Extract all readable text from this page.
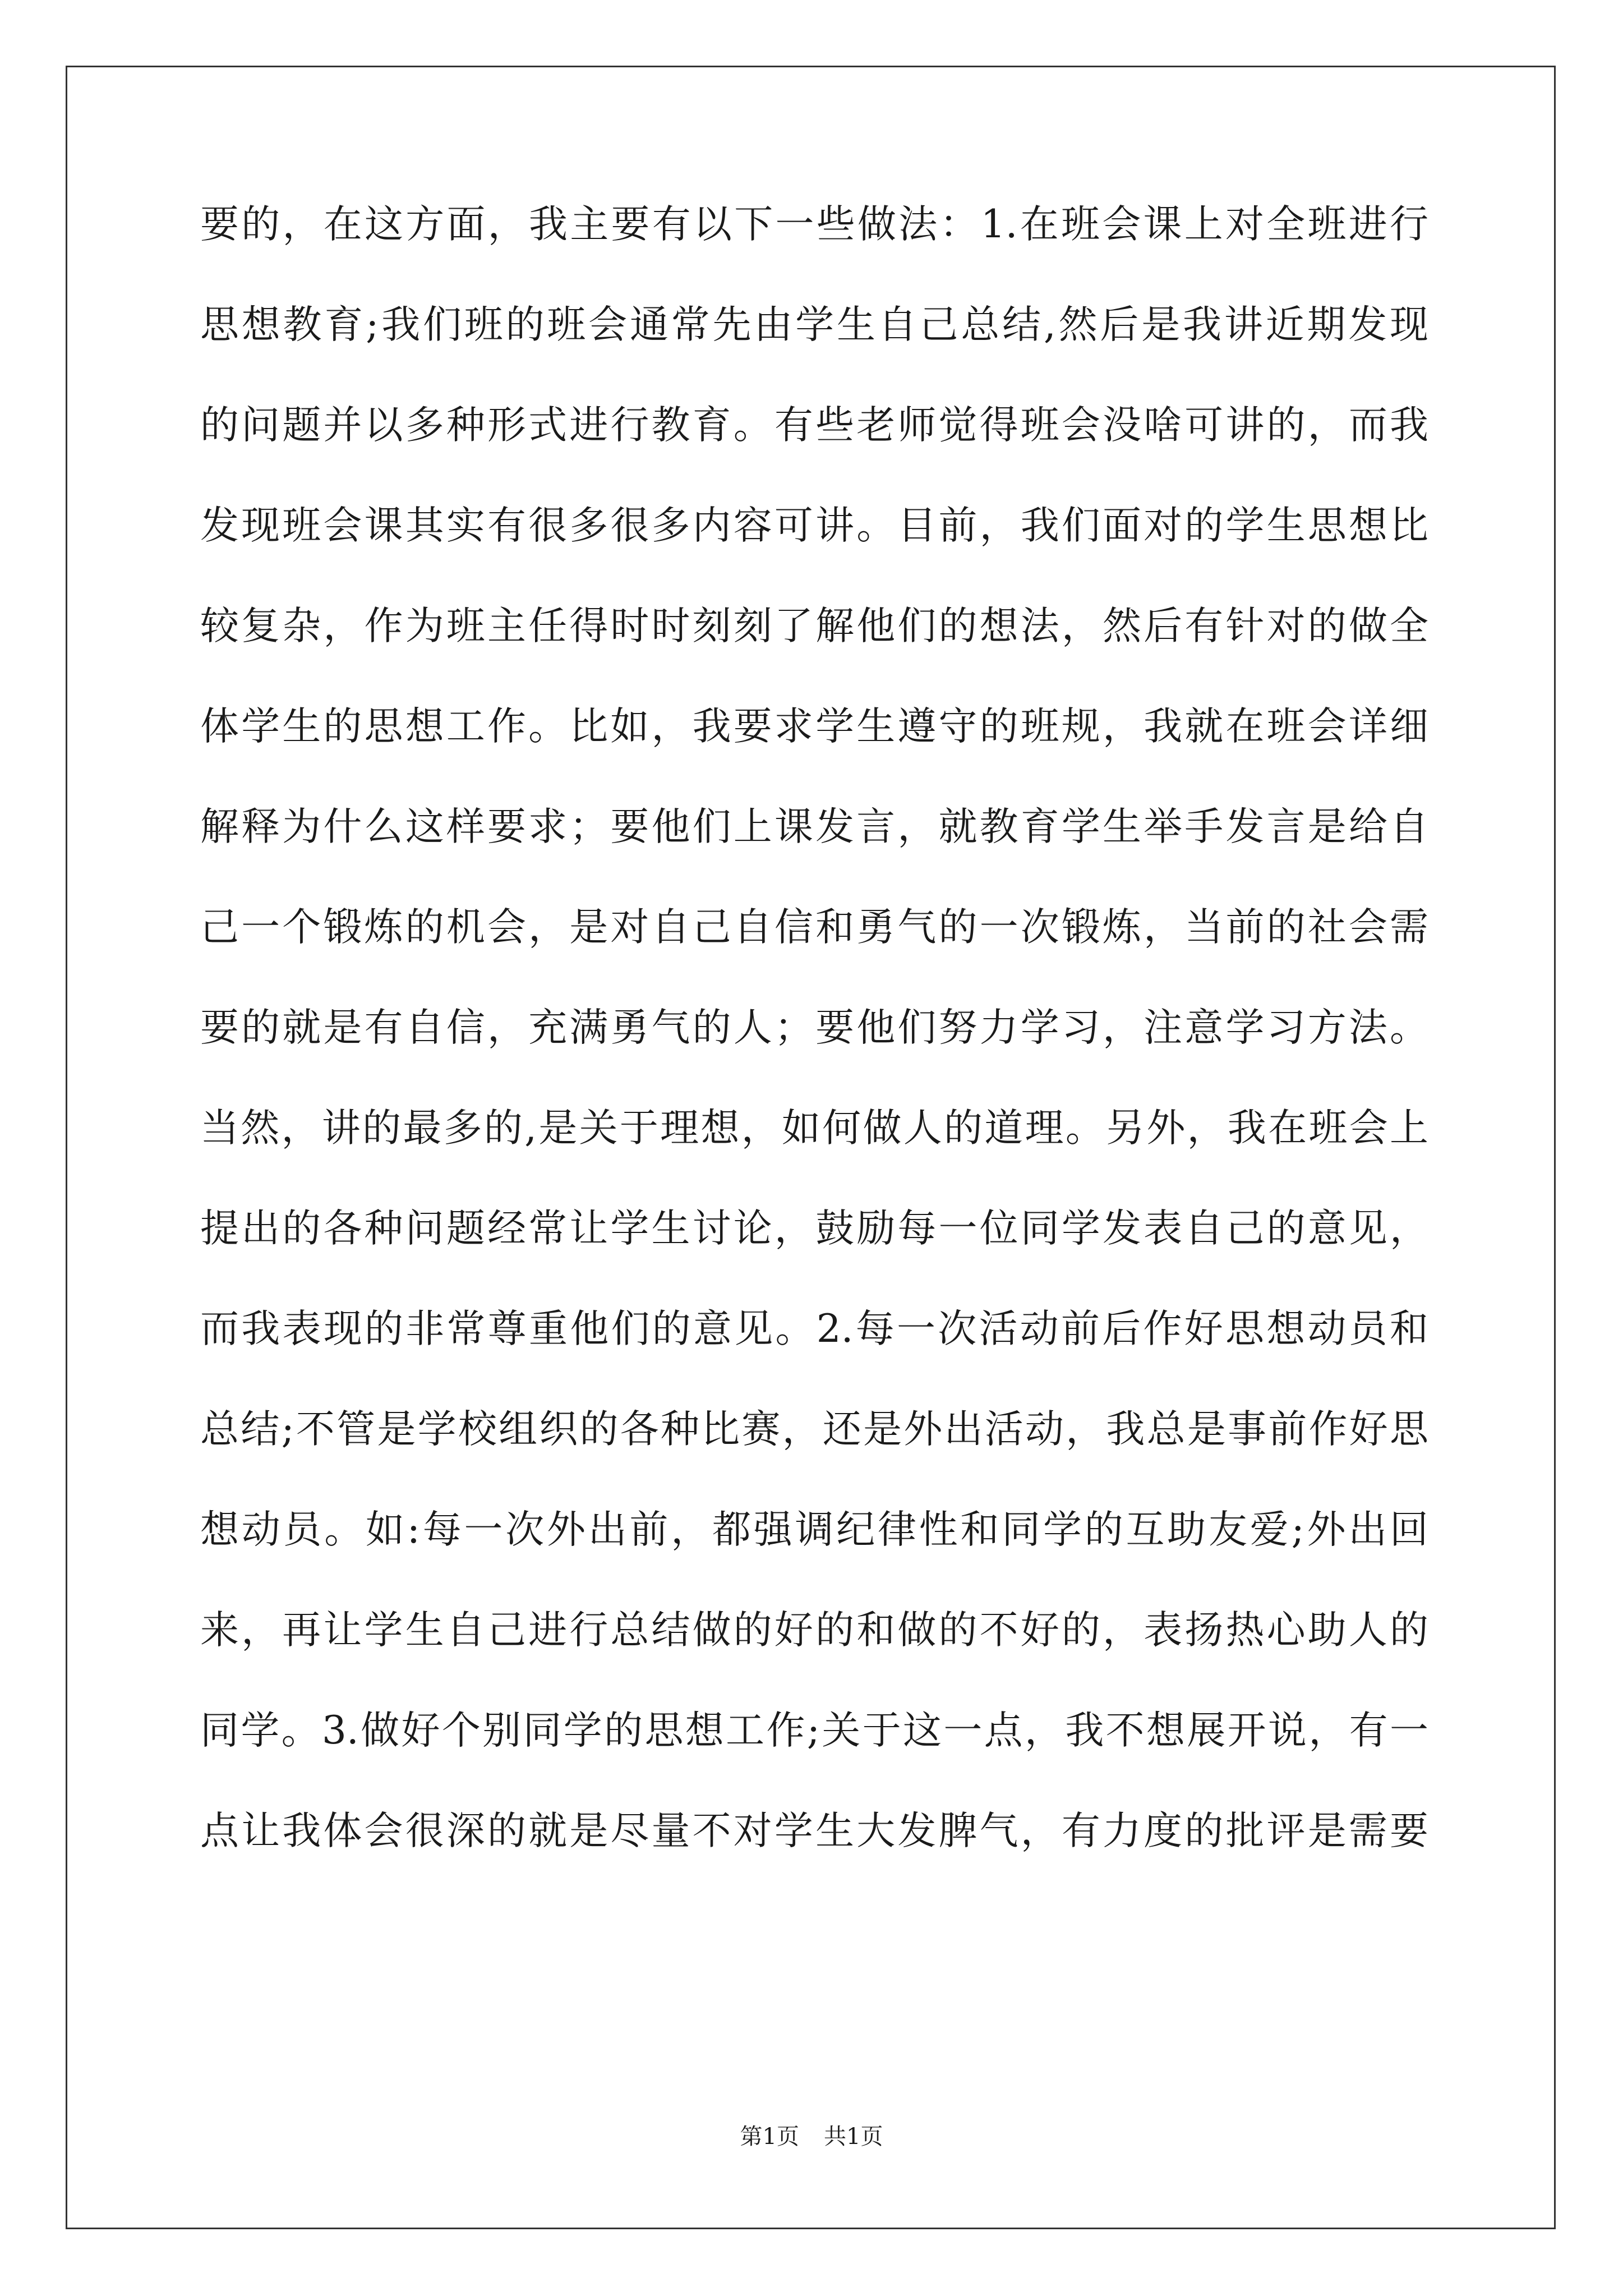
要的，在这方面，我主要有以下一些做法：1.在班会课上对全班进行
思想教育;我们班的班会通常先由学生自己总结,然后是我讲近期发现
的问题并以多种形式进行教育。有些老师觉得班会没啥可讲的，而我
发现班会课其实有很多很多内容可讲。目前，我们面对的学生思想比
较复杂，作为班主任得时时刻刻了解他们的想法，然后有针对的做全
体学生的思想工作。比如，我要求学生遵守的班规，我就在班会详细
解释为什么这样要求；要他们上课发言，就教育学生举手发言是给自
己一个锻炼的机会，是对自己自信和勇气的一次锻炼，当前的社会需
要的就是有自信，充满勇气的人；要他们努力学习，注意学习方法。
当然，讲的最多的,是关于理想，如何做人的道理。另外，我在班会上
提出的各种问题经常让学生讨论，鼓励每一位同学发表自己的意见，
而我表现的非常尊重他们的意见。2.每一次活动前后作好思想动员和
总结;不管是学校组织的各种比赛，还是外出活动，我总是事前作好思
想动员。如:每一次外出前，都强调纪律性和同学的互助友爱;外出回
来，再让学生自己进行总结做的好的和做的不好的，表扬热心助人的
同学。3.做好个别同学的思想工作;关于这一点，我不想展开说，有一
点让我体会很深的就是尽量不对学生大发脾气，有力度的批评是需要
第1页 共1页
